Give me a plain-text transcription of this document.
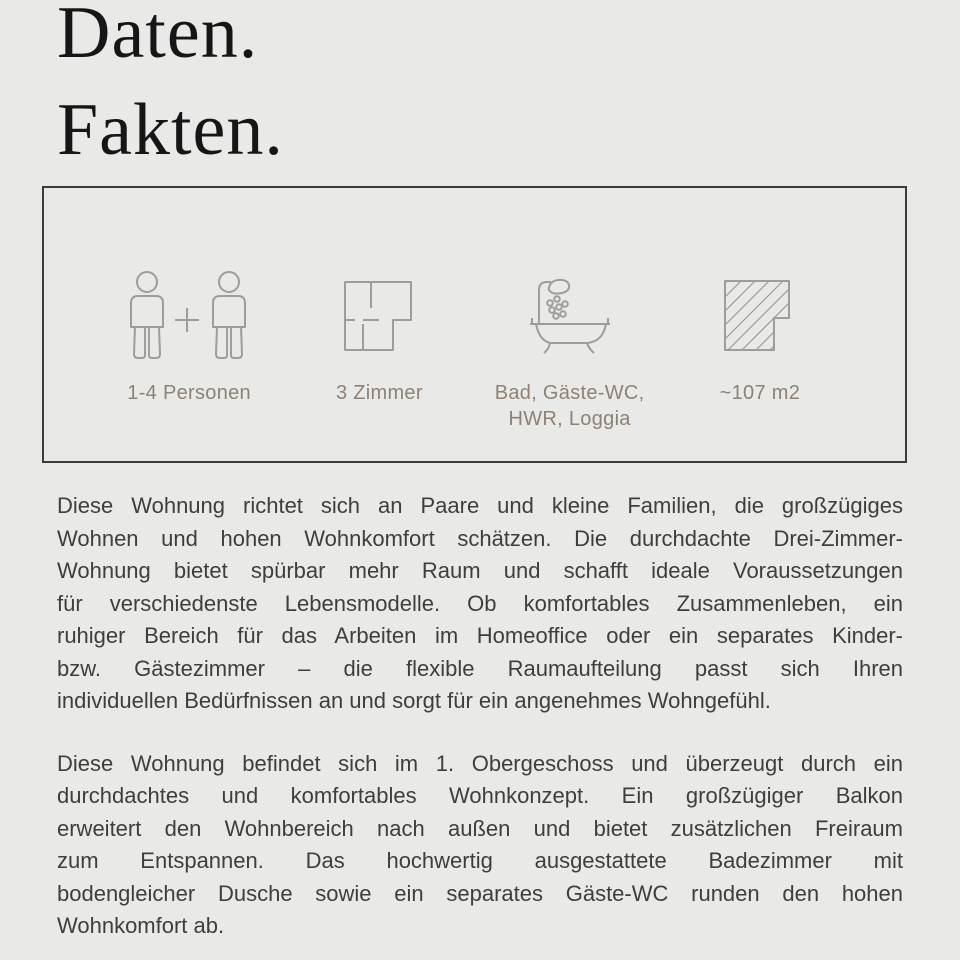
Daten.
Fakten.
1-4 Personen	3 Zimmer	Bad, Gäste-WC, HWR, Loggia
~107 m2

Diese Wohnung richtet sich an Paare und kleine Familien, die großzügiges
Wohnen und hohen Wohnkomfort schätzen. Die durchdachte Drei-Zimmer-
Wohnung bietet spürbar mehr Raum und schafft ideale Voraussetzungen
für verschiedenste Lebensmodelle. Ob komfortables Zusammenleben, ein
ruhiger Bereich für das Arbeiten im Homeoffice oder ein separates Kinder-
bzw. Gästezimmer – die flexible Raumaufteilung passt sich Ihren
individuellen Bedürfnissen an und sorgt für ein angenehmes Wohngefühl.

Diese Wohnung befindet sich im 1. Obergeschoss und überzeugt durch ein
durchdachtes und komfortables Wohnkonzept. Ein großzügiger Balkon
erweitert den Wohnbereich nach außen und bietet zusätzlichen Freiraum
zum Entspannen. Das hochwertig ausgestattete Badezimmer mit
bodengleicher Dusche sowie ein separates Gäste-WC runden den hohen
Wohnkomfort ab.
